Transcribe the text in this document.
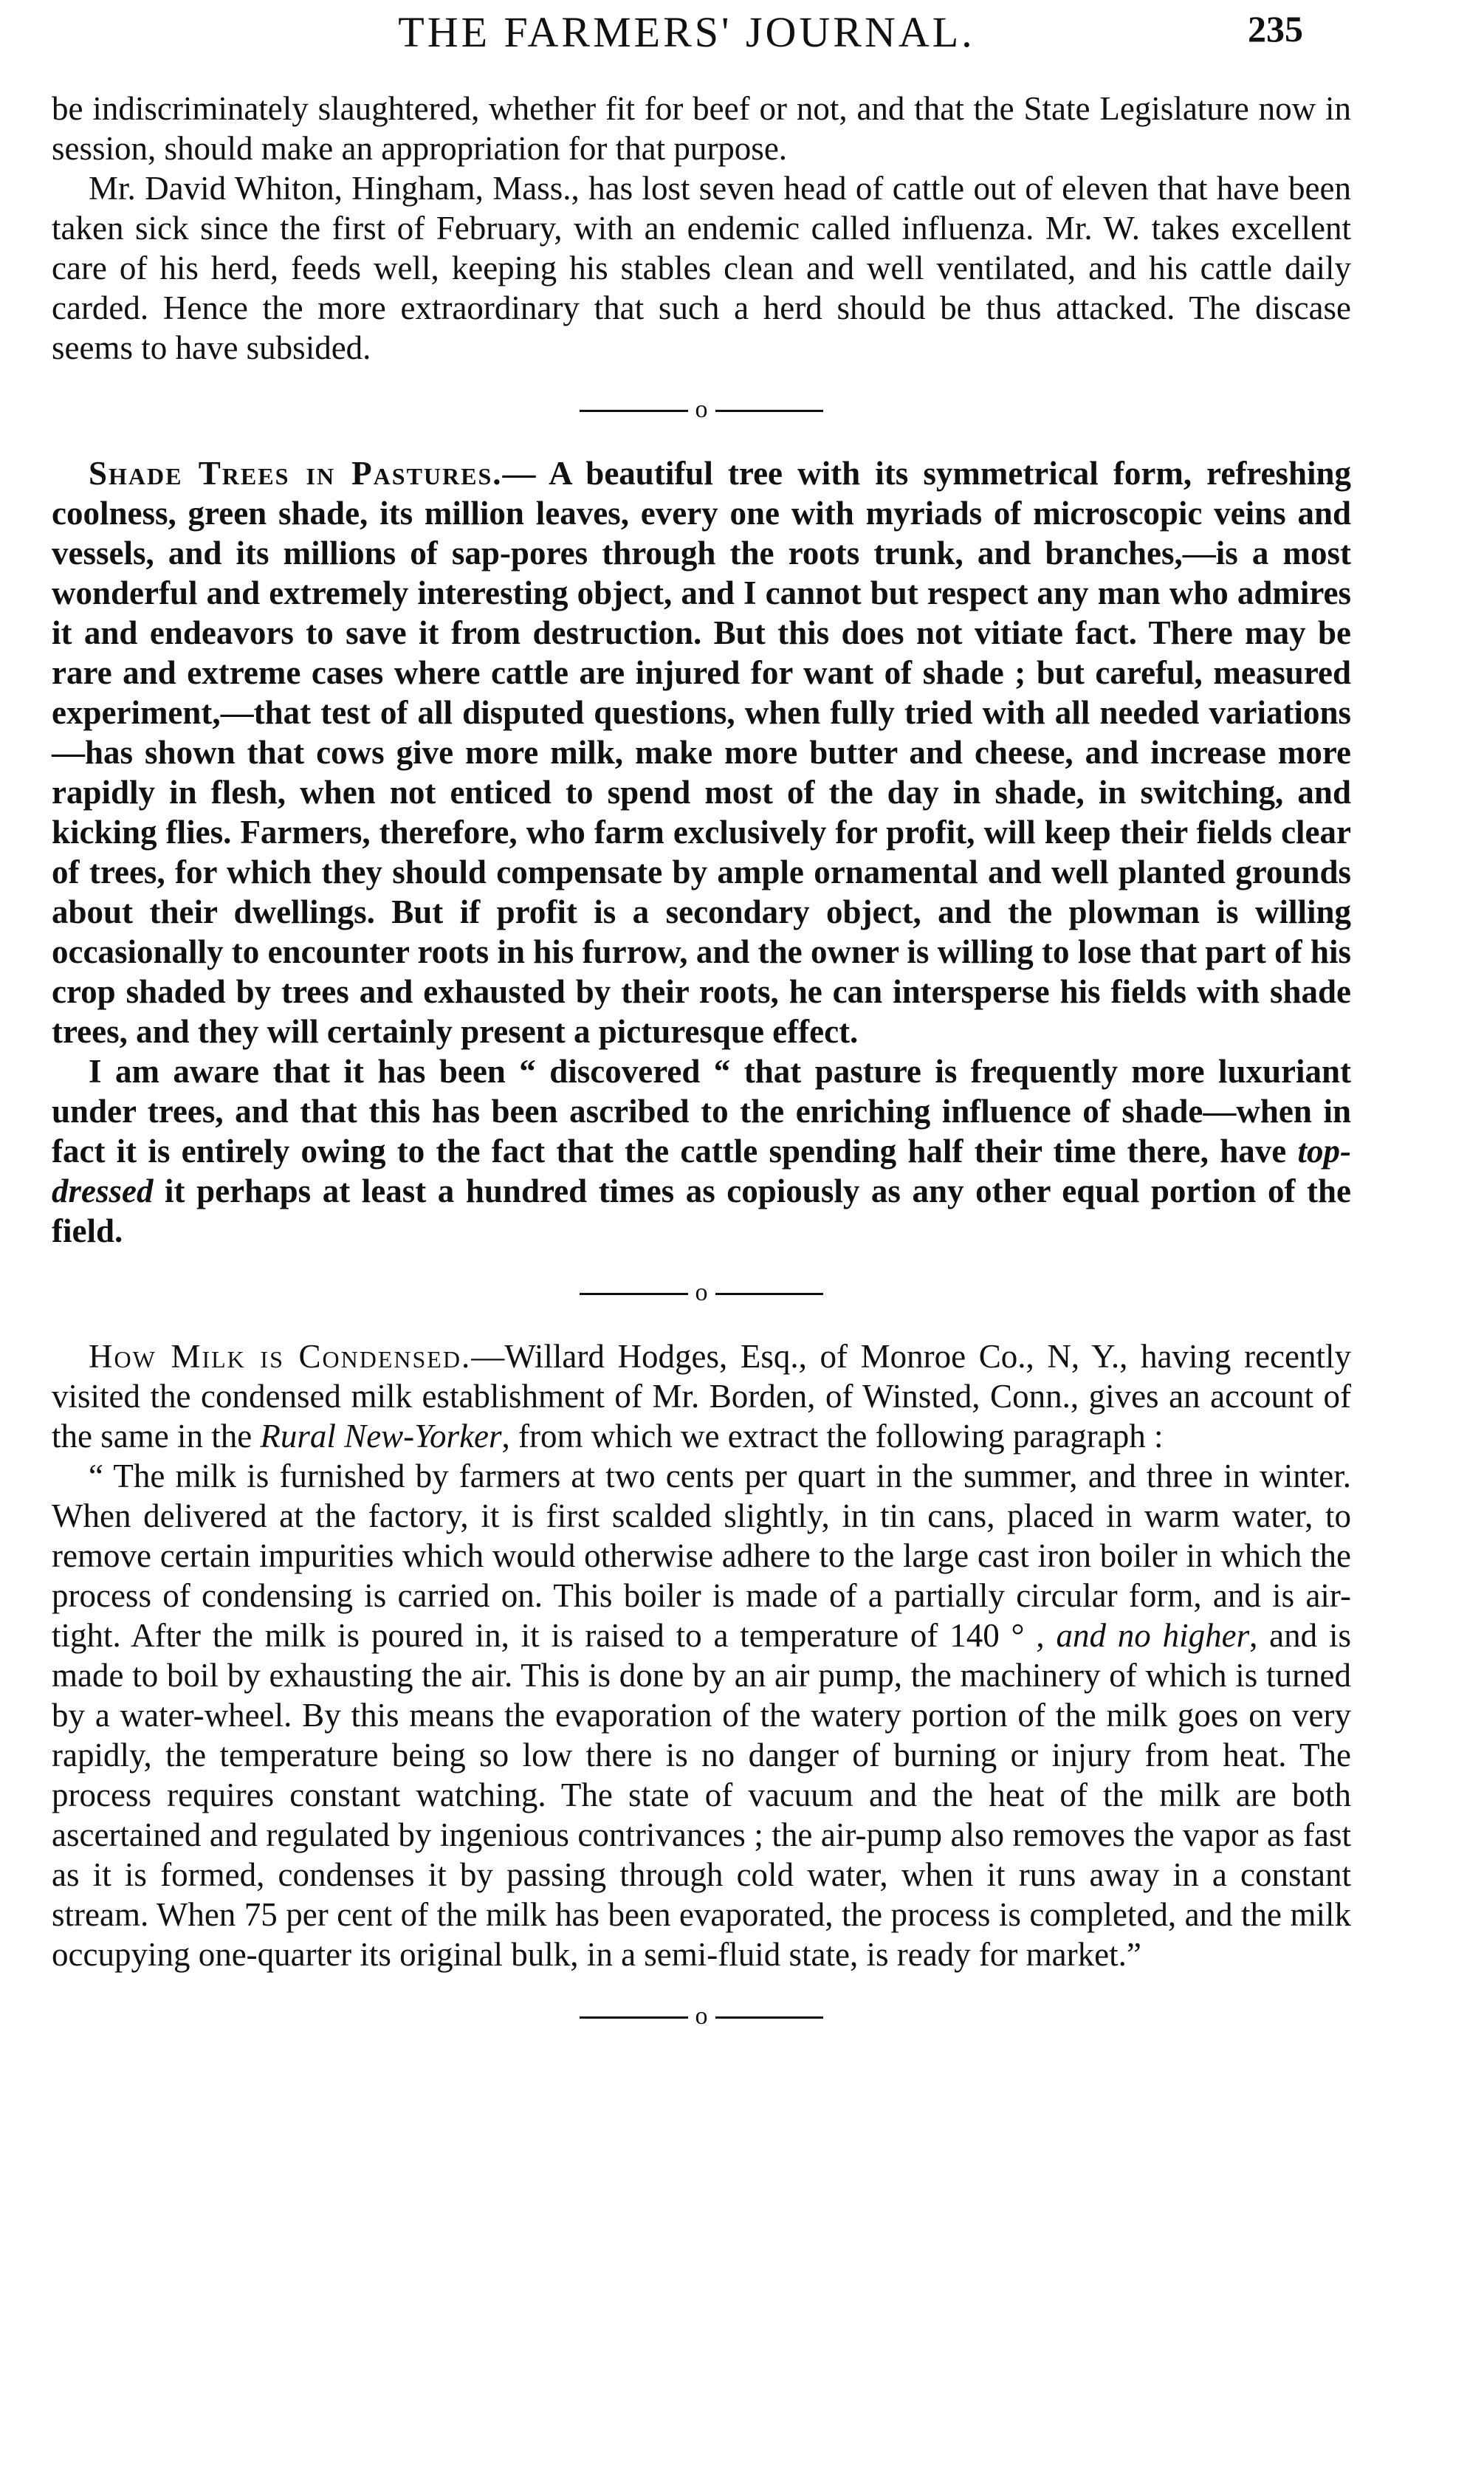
THE FARMERS' JOURNAL.	235

be indiscriminately slaughtered, whether fit for beef or not, and that the State Legislature now in session, should make an appropriation for that purpose.

Mr. David Whiton, Hingham, Mass., has lost seven head of cattle out of eleven that have been taken sick since the first of February, with an endemic called influenza. Mr. W. takes excellent care of his herd, feeds well, keeping his stables clean and well ventilated, and his cattle daily carded. Hence the more extraordinary that such a herd should be thus attacked. The discase seems to have subsided.

o

Shade Trees in Pastures.— A beautiful tree with its symmetrical form, refreshing coolness, green shade, its million leaves, every one with myriads of microscopic veins and vessels, and its millions of sap-pores through the roots trunk, and branches,—is a most wonderful and extremely interesting object, and I cannot but respect any man who admires it and endeavors to save it from destruction. But this does not vitiate fact. There may be rare and extreme cases where cattle are injured for want of shade ; but careful, measured experiment,—that test of all disputed questions, when fully tried with all needed variations—has shown that cows give more milk, make more butter and cheese, and increase more rapidly in flesh, when not enticed to spend most of the day in shade, in switching, and kicking flies. Farmers, therefore, who farm exclusively for profit, will keep their fields clear of trees, for which they should compensate by ample ornamental and well planted grounds about their dwellings. But if profit is a secondary object, and the plowman is willing occasionally to encounter roots in his furrow, and the owner is willing to lose that part of his crop shaded by trees and exhausted by their roots, he can intersperse his fields with shade trees, and they will certainly present a picturesque effect.

I am aware that it has been “ discovered “ that pasture is frequently more luxuriant under trees, and that this has been ascribed to the enriching influence of shade—when in fact it is entirely owing to the fact that the cattle spending half their time there, have top-dressed it perhaps at least a hundred times as copiously as any other equal portion of the field.

o

How Milk is Condensed.—Willard Hodges, Esq., of Monroe Co., N, Y., having recently visited the condensed milk establishment of Mr. Borden, of Winsted, Conn., gives an account of the same in the Rural New-Yorker, from which we extract the following paragraph :

“ The milk is furnished by farmers at two cents per quart in the summer, and three in winter. When delivered at the factory, it is first scalded slightly, in tin cans, placed in warm water, to remove certain impurities which would otherwise adhere to the large cast iron boiler in which the process of condensing is carried on. This boiler is made of a partially circular form, and is air-tight. After the milk is poured in, it is raised to a temperature of 140 ° , and no higher, and is made to boil by exhausting the air. This is done by an air pump, the machinery of which is turned by a water-wheel. By this means the evaporation of the watery portion of the milk goes on very rapidly, the temperature being so low there is no danger of burning or injury from heat. The process requires constant watching. The state of vacuum and the heat of the milk are both ascertained and regulated by ingenious contrivances ; the air-pump also removes the vapor as fast as it is formed, condenses it by passing through cold water, when it runs away in a constant stream. When 75 per cent of the milk has been evaporated, the process is completed, and the milk occupying one-quarter its original bulk, in a semi-fluid state, is ready for market.”

o
